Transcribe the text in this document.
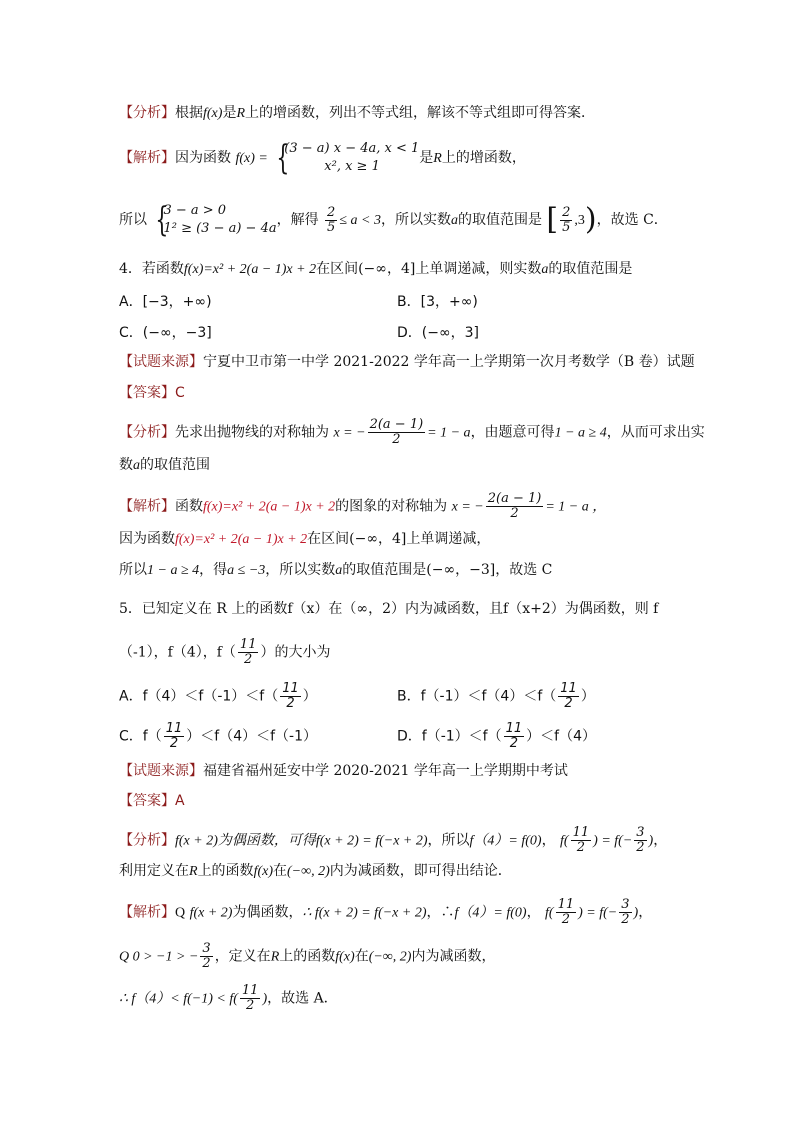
【分析】根据f(x)是R上的增函数，列出不等式组，解该不等式组即可得答案．
【解析】因为函数 f(x) = {
(3 − a) x − 4a, x < 1
x², x ≥ 1
是R上的增函数，
所以 {
3 − a > 0
1² ≥ (3 − a) − 4a
，解得 $\frac{2}{5} \le a < 3$，所以实数a的取值范围是 [ $\frac{2}{5} ,3$)，故选 C．
4．若函数f(x)=x² + 2(a − 1)x + 2在区间(−∞，4]上单调递减，则实数a的取值范围是
A．[−3，+∞)	B．[3，+∞)
C．(−∞，−3]	D．(−∞，3]
【试题来源】宁夏中卫市第一中学 2021-2022 学年高一上学期第一次月考数学（B 卷）试题
【答案】C
【分析】先求出抛物线的对称轴为 x = − $\frac{2(a - 1)}{2} = 1 - a$，由题意可得1 − a ≥ 4，从而可求出实
数a的取值范围
【解析】函数f(x)=x² + 2(a − 1)x + 2的图象的对称轴为 x = − $\frac{2(a - 1)}{2} = 1 - a$ ，
因为函数f(x)=x² + 2(a − 1)x + 2在区间(−∞，4]上单调递减，
所以1 − a ≥ 4，得a ≤ −3，所以实数a的取值范围是(−∞，−3]，故选 C
5．已知定义在 R 上的函数f（x）在（∞，2）内为减函数，且f（x+2）为偶函数，则 f
（-1），f（4），$f( \frac{11}{2}$ ）的大小为
A．$f(4)<f(-1)<f( \frac{11}{2}$ ）	B．$f(-1)<f(4)<f( \frac{11}{2}$ ）
C．$f( \frac{11}{2} )<f(4)<f(-1)$	D．$f(-1)<f( \frac{11}{2} )<f(4)$
【试题来源】福建省福州延安中学 2020-2021 学年高一上学期期中考试
【答案】A
【分析】f(x + 2)为偶函数，可得f(x + 2) = f(−x + 2)，所以f（4）= f(0)， $f( \frac{11}{2}$ ) = $f(- \frac{3}{2}$ )，
利用定义在R上的函数f(x)在(−∞, 2)内为减函数，即可得出结论．
【解析】Q f(x + 2)为偶函数，∴ f(x + 2) = f(−x + 2)，∴f（4）= f(0)， $f( \frac{11}{2}$ ) = $f(- \frac{3}{2}$ )，
Q 0 > −1 > − $\frac{3}{2}$ ，定义在R上的函数f(x)在(−∞, 2)内为减函数，
∴ $f(4)< f(-1) < f( \frac{11}{2}$ )，故选 A．
